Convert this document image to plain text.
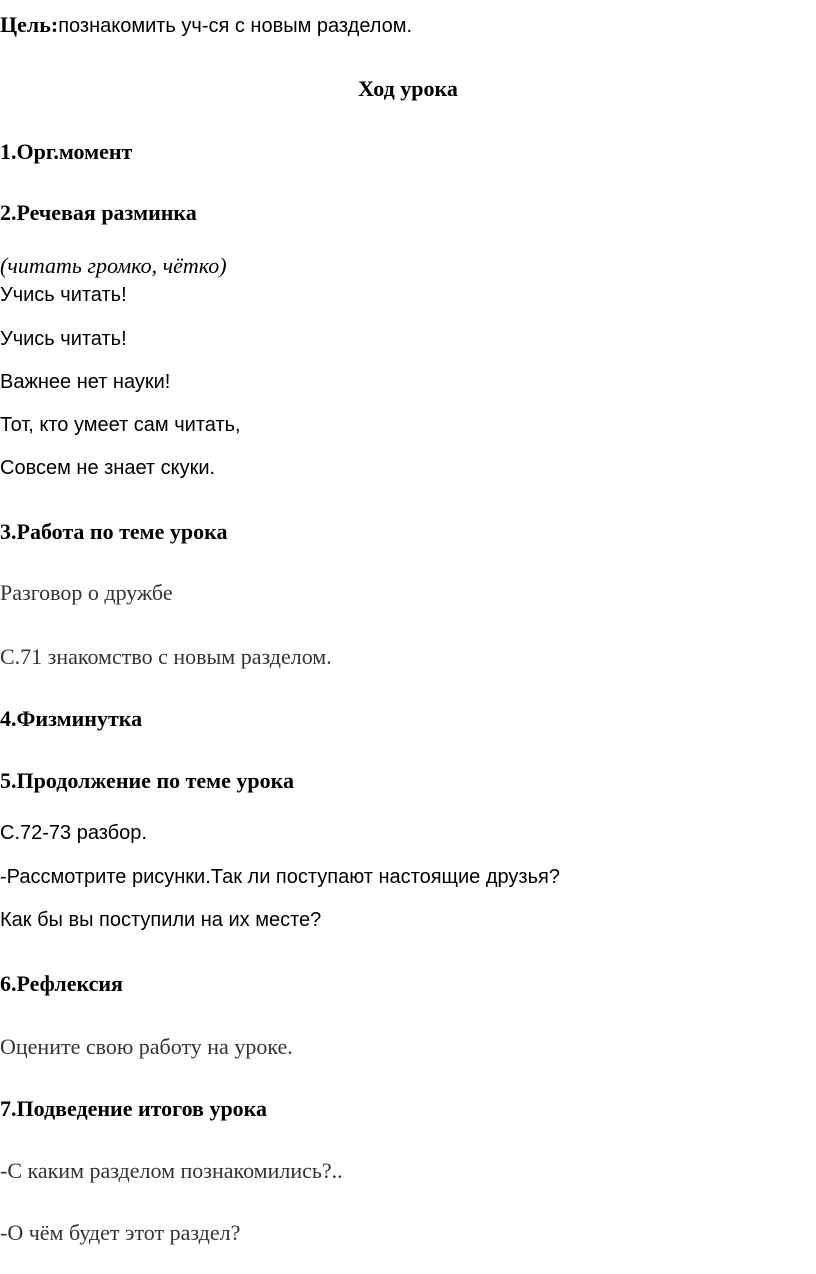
Цель:познакомить уч-ся с новым разделом.

Ход урока

1.Орг.момент

2.Речевая разминка

(читать громко, чётко)

Учись читать!

Учись читать!

Важнее нет науки!

Тот, кто умеет сам читать,

Совсем не знает скуки.

3.Работа по теме урока

Разговор о дружбе

С.71 знакомство с новым разделом.

4.Физминутка

5.Продолжение по теме урока

С.72-73 разбор.

-Рассмотрите рисунки.Так ли поступают настоящие друзья?

Как бы вы поступили на их месте?

6.Рефлексия

Оцените свою работу на уроке.

7.Подведение итогов урока

-С каким разделом познакомились?..

-О чём будет этот раздел?
